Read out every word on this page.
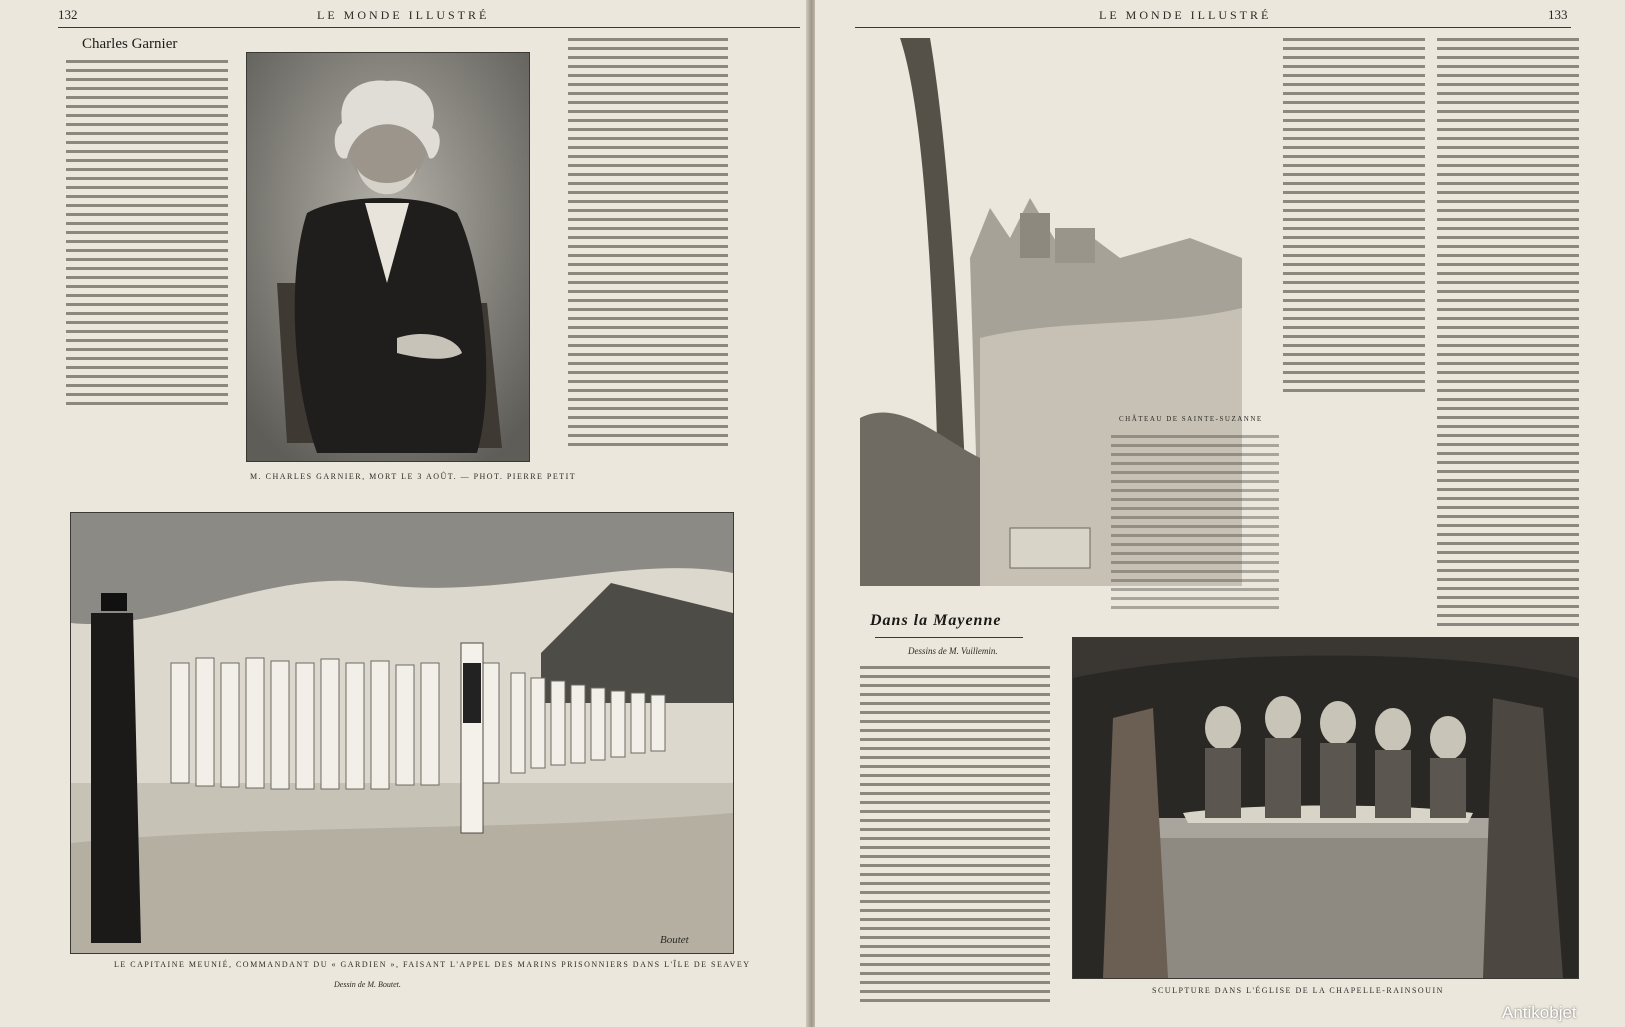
132	LE MONDE ILLUSTRÉ
Charles Garnier
M. CHARLES GARNIER, MORT LE 3 AOÛT. — PHOT. PIERRE PETIT
LE CAPITAINE MEUNIÉ, COMMANDANT DU « GARDIEN », FAISANT L'APPEL DES MARINS PRISONNIERS DANS L'ÎLE DE SEAVEY
Dessin de M. Boutet.
Boutet
LE MONDE ILLUSTRÉ	133
CHÂTEAU DE SAINTE-SUZANNE
Dans la Mayenne
Dessins de M. Vuillemin.
SCULPTURE DANS L'ÉGLISE DE LA CHAPELLE-RAINSOUIN
Antikobjet
